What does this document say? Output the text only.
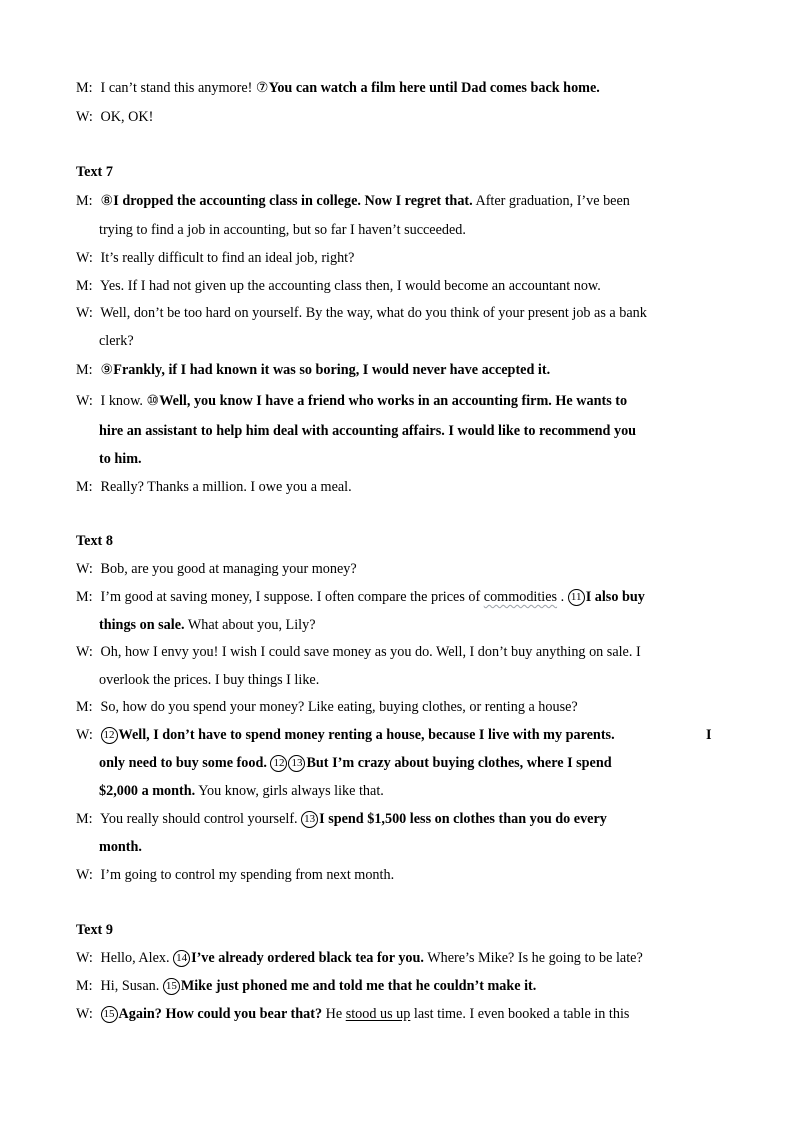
M: I can’t stand this anymore! ⑦You can watch a film here until Dad comes back home.
W: OK, OK!
Text 7
M: ⑧I dropped the accounting class in college. Now I regret that. After graduation, I’ve been
trying to find a job in accounting, but so far I haven’t succeeded.
W: It’s really difficult to find an ideal job, right?
M: Yes. If I had not given up the accounting class then, I would become an accountant now.
W: Well, don’t be too hard on yourself. By the way, what do you think of your present job as a bank
clerk?
M: ⑨Frankly, if I had known it was so boring, I would never have accepted it.
W: I know. ⑩Well, you know I have a friend who works in an accounting firm. He wants to
hire an assistant to help him deal with accounting affairs. I would like to recommend you
to him.
M: Really? Thanks a million. I owe you a meal.
Text 8
W: Bob, are you good at managing your money?
M: I’m good at saving money, I suppose. I often compare the prices of commodities . 11 I also buy
things on sale. What about you, Lily?
W: Oh, how I envy you! I wish I could save money as you do. Well, I don’t buy anything on sale. I
overlook the prices. I buy things I like.
M: So, how do you spend your money? Like eating, buying clothes, or renting a house?
W: 12 Well, I don’t have to spend money renting a house, because I live with my parents.	I
only need to buy some food. 12 13 But I’m crazy about buying clothes, where I spend
$2,000 a month. You know, girls always like that.
M: You really should control yourself. 13 I spend $1,500 less on clothes than you do every
month.
W: I’m going to control my spending from next month.
Text 9
W: Hello, Alex. 14 I’ve already ordered black tea for you. Where’s Mike? Is he going to be late?
M: Hi, Susan. 15 Mike just phoned me and told me that he couldn’t make it.
W: 15 Again? How could you bear that? He stood us up last time. I even booked a table in this
